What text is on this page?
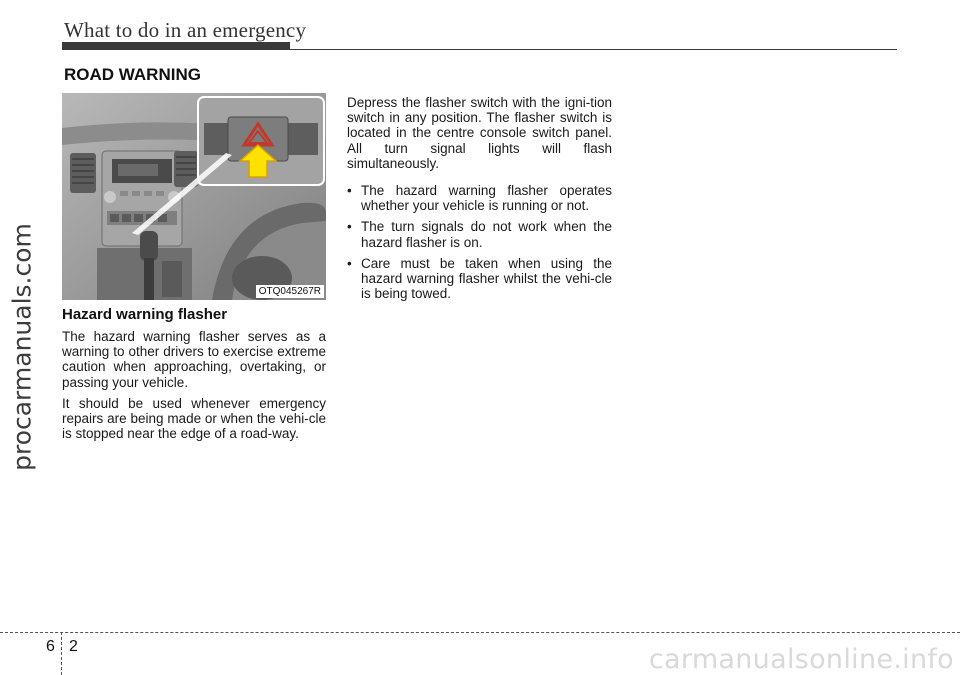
What to do in an emergency
ROAD WARNING
OTQ045267R
Hazard warning flasher

The hazard warning flasher serves as a warning to other drivers to exercise extreme caution when approaching, overtaking, or passing your vehicle.

It should be used whenever emergency repairs are being made or when the vehi-cle is stopped near the edge of a road-way.

Depress the flasher switch with the igni-tion switch in any position. The flasher switch is located in the centre console switch panel. All turn signal lights will flash simultaneously.

• The hazard warning flasher operates whether your vehicle is running or not.
• The turn signals do not work when the hazard flasher is on.
• Care must be taken when using the hazard warning flasher whilst the vehi-cle is being towed.
procarmanuals.com
6 2	carmanualsonline.info
